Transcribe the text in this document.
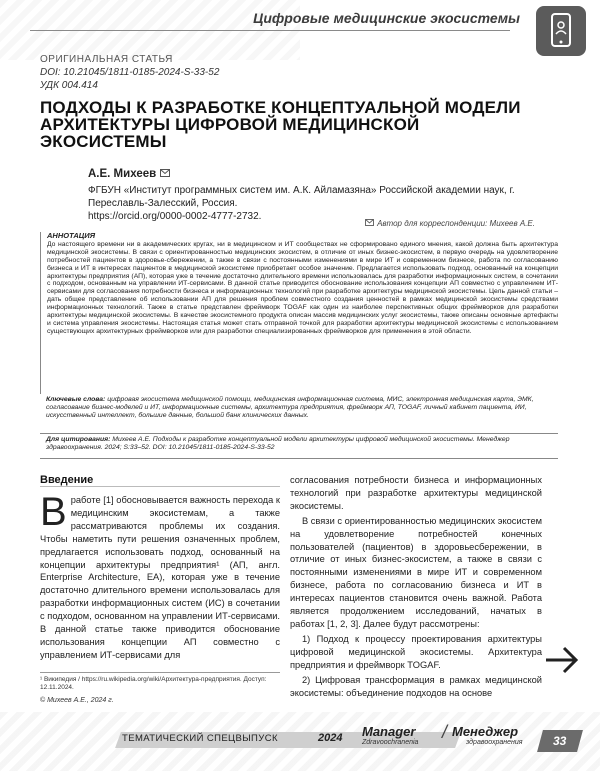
Цифровые медицинские экосистемы
ОРИГИНАЛЬНАЯ СТАТЬЯ
DOI: 10.21045/1811-0185-2024-S-33-52
УДК 004.414
ПОДХОДЫ К РАЗРАБОТКЕ КОНЦЕПТУАЛЬНОЙ МОДЕЛИ АРХИТЕКТУРЫ ЦИФРОВОЙ МЕДИЦИНСКОЙ ЭКОСИСТЕМЫ
А.Е. Михеев
ФГБУН «Институт программных систем им. А.К. Айламазяна» Российской академии наук, г. Переславль-Залесский, Россия.
https://orcid.org/0000-0002-4777-2732.
Автор для корреспонденции: Михеев А.Е.
АННОТАЦИЯ
До настоящего времени ни в академических кругах, ни в медицинском и ИТ сообществах не сформировано единого мнения, какой должна быть архитектура медицинской экосистемы. В связи с ориентированностью медицинских экосистем, в отличие от иных бизнес-экосистем, в первую очередь на удовлетворение потребностей пациентов в здоровье-сбережении, а также в связи с постоянными изменениями в мире ИТ и современном бизнесе, работа по согласованию бизнеса и ИТ в интересах пациентов в медицинской экосистеме приобретает особое значение. Предлагается использовать подход, основанный на концепции архитектуры предприятия (АП), которая уже в течение достаточно длительного времени использовалась для разработки информационных систем, в сочетании с подходом, основанным на управлении ИТ-сервисами. В данной статье приводится обоснование использования концепции АП совместно с управлением ИТ-сервисами для согласования потребности бизнеса и информационных технологий при разработке архитектуры медицинской экосистемы. Цель данной статьи – дать общее представление об использовании АП для решения проблем совместного создания ценностей в рамках медицинской экосистемы средствами информационных технологий. Также в статье представлен фреймворк TOGAF как один из наиболее перспективных общих фреймворков для разработки архитектуры медицинской экосистемы. В качестве экосистемного продукта описан массив медицинских услуг экосистемы, также описаны основные артефакты и система управления экосистемы. Настоящая статья может стать отправной точкой для разработки архитектуры медицинской экосистемы с использованием существующих архитектурных фреймворков или для разработки специализированных фреймворков для применения в этой области.
Ключевые слова: цифровая экосистема медицинской помощи, медицинская информационная система, МИС, электронная медицинская карта, ЭМК, согласование бизнес-моделей и ИТ, информационные системы, архитектура предприятия, фреймворк АП, TOGAF, личный кабинет пациента, ИИ, искусственный интеллект, большие данные, большой банк клинических данных.
Для цитирования: Михеев А.Е. Подходы к разработке концептуальной модели архитектуры цифровой медицинской экосистемы. Менеджер здравоохранения. 2024; S:33–52. DOI: 10.21045/1811-0185-2024-S-33-52
Введение

Вработе [1] обосновывается важность перехода к медицинским экосистемам, а также рассматриваются проблемы их создания. Чтобы наметить пути решения означенных проблем, предлагается использовать подход, основанный на концепции архитектуры предприятия¹ (АП, англ. Enterprise Architecture, EA), которая уже в течение достаточно длительного времени использовалась для разработки информационных систем (ИС) в сочетании с подходом, основанном на управлении ИТ-сервисами. В данной статье также приводится обоснование использования концепции АП совместно с управлением ИТ-сервисами для

согласования потребности бизнеса и информационных технологий при разработке архитектуры медицинской экосистемы.

В связи с ориентированностью медицинских экосистем на удовлетворение потребностей конечных пользователей (пациентов) в здоровьесбережении, в отличие от иных бизнес-экосистем, а также в связи с постоянными изменениями в мире ИТ и современном бизнесе, работа по согласованию бизнеса и ИТ в интересах пациентов становится очень важной. Работа является продолжением исследований, начатых в работах [1, 2, 3]. Далее будут рассмотрены:

1) Подход к процессу проектирования архитектуры цифровой медицинской экосистемы. Архитектура предприятия и фреймворк TOGAF.

2) Цифровая трансформация в рамках медицинской экосистемы: объединение подходов на основе

¹ Википедия / https://ru.wikipedia.org/wiki/Архитектура-предприятия. Доступ: 12.11.2024.
© Михеев А.Е., 2024 г.
ТЕМАТИЧЕСКИЙ СПЕЦВЫПУСК	2024 Manager
Zdravoochranenia
/ Менеджер
здравоохранения	33
